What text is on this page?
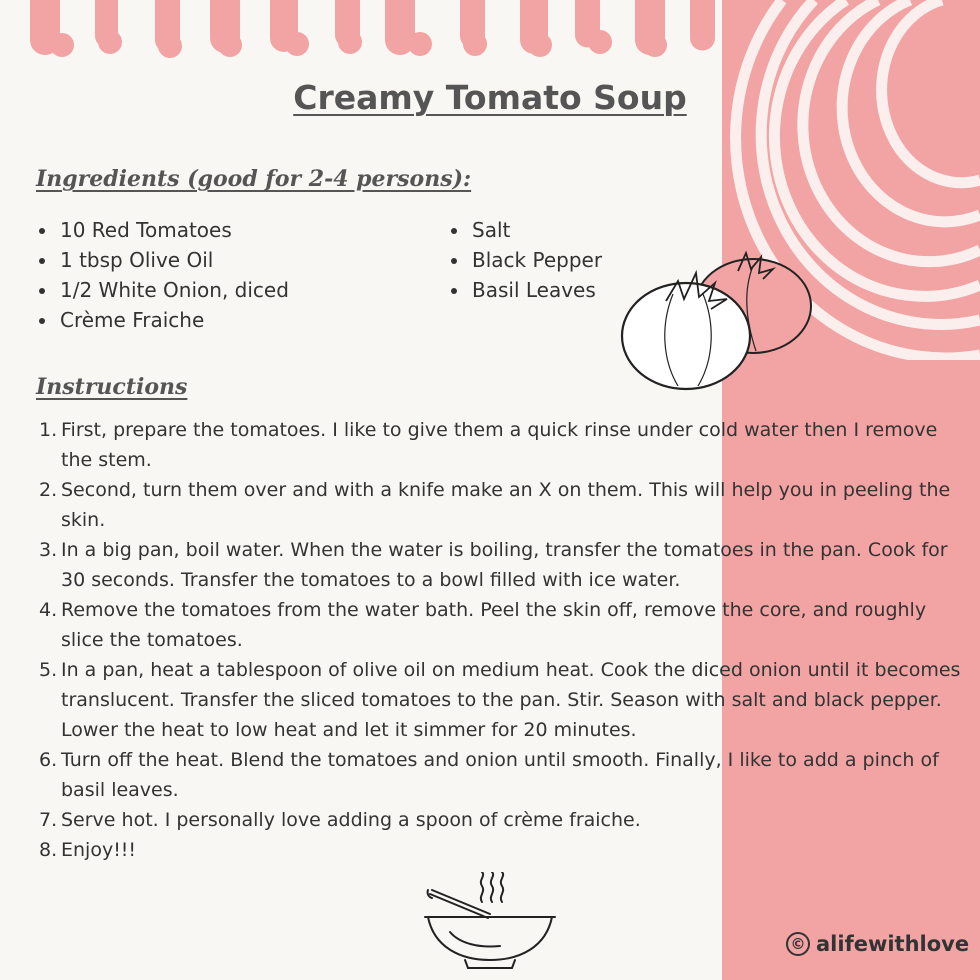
Creamy Tomato Soup
Ingredients (good for 2-4 persons):
10 Red Tomatoes
1 tbsp Olive Oil
1/2 White Onion, diced
Crème Fraiche
Salt
Black Pepper
Basil Leaves
Instructions
1. First, prepare the tomatoes. I like to give them a quick rinse under cold water then I remove the stem.
2. Second, turn them over and with a knife make an X on them. This will help you in peeling the skin.
3. In a big pan, boil water. When the water is boiling, transfer the tomatoes in the pan. Cook for 30 seconds. Transfer the tomatoes to a bowl filled with ice water.
4. Remove the tomatoes from the water bath. Peel the skin off, remove the core, and roughly slice the tomatoes.
5. In a pan, heat a tablespoon of olive oil on medium heat. Cook the diced onion until it becomes translucent. Transfer the sliced tomatoes to the pan. Stir. Season with salt and black pepper. Lower the heat to low heat and let it simmer for 20 minutes.
6. Turn off the heat. Blend the tomatoes and onion until smooth. Finally, I like to add a pinch of basil leaves.
7. Serve hot. I personally love adding a spoon of crème fraiche.
8. Enjoy!!!
© alifewithlove
